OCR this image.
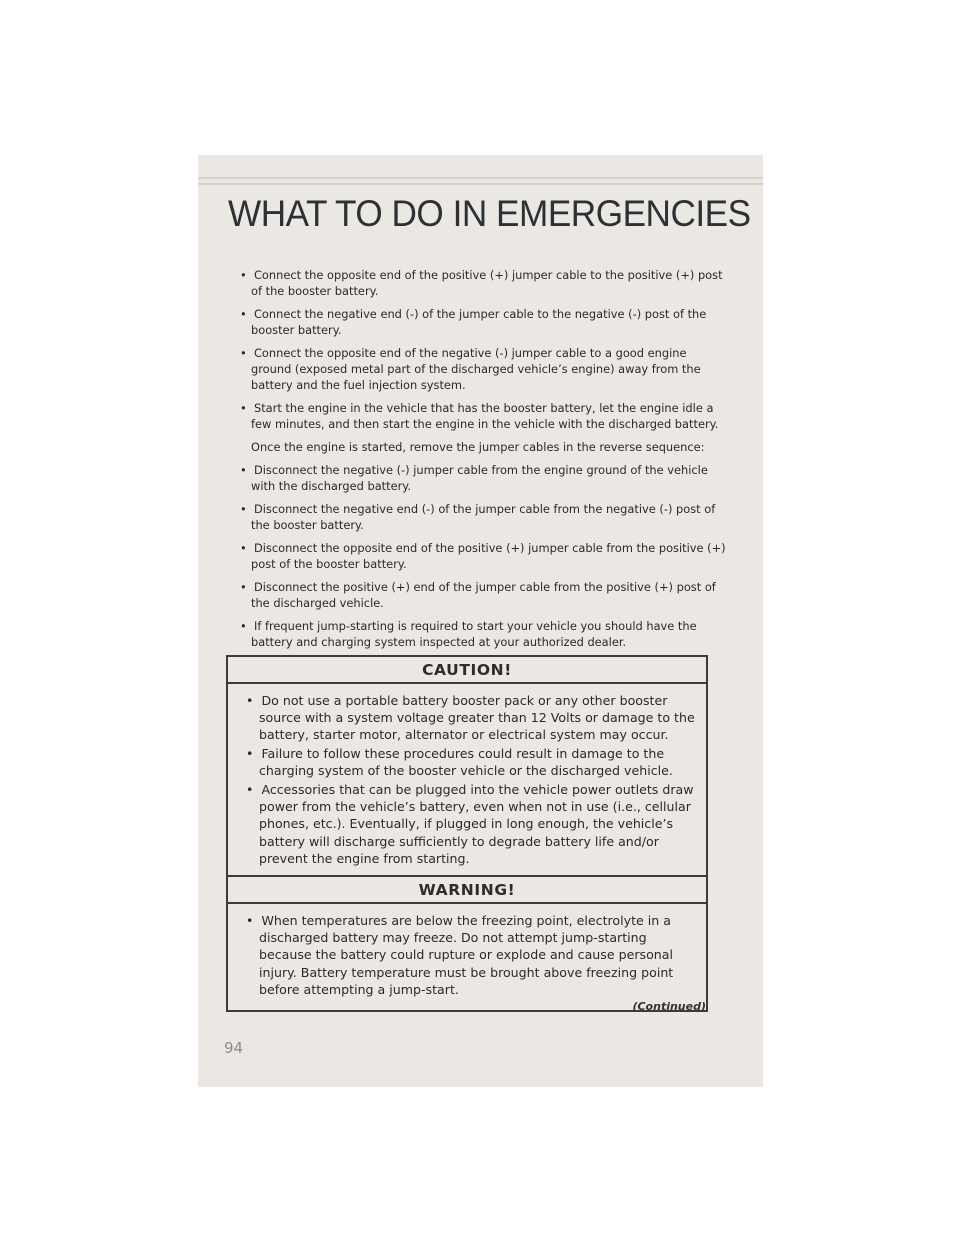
WHAT TO DO IN EMERGENCIES
•  Connect the opposite end of the positive (+) jumper cable to the positive (+) post of the booster battery.
•  Connect the negative end (-) of the jumper cable to the negative (-) post of the booster battery.
•  Connect the opposite end of the negative (-) jumper cable to a good engine ground (exposed metal part of the discharged vehicle’s engine) away from the battery and the fuel injection system.
•  Start the engine in the vehicle that has the booster battery, let the engine idle a few minutes, and then start the engine in the vehicle with the discharged battery.

Once the engine is started, remove the jumper cables in the reverse sequence:

•  Disconnect the negative (-) jumper cable from the engine ground of the vehicle with the discharged battery.
•  Disconnect the negative end (-) of the jumper cable from the negative (-) post of the booster battery.
•  Disconnect the opposite end of the positive (+) jumper cable from the positive (+) post of the booster battery.
•  Disconnect the positive (+) end of the jumper cable from the positive (+) post of the discharged vehicle.
•  If frequent jump-starting is required to start your vehicle you should have the battery and charging system inspected at your authorized dealer.
CAUTION!
•  Do not use a portable battery booster pack or any other booster source with a system voltage greater than 12 Volts or damage to the battery, starter motor, alternator or electrical system may occur.
•  Failure to follow these procedures could result in damage to the charging system of the booster vehicle or the discharged vehicle.
•  Accessories that can be plugged into the vehicle power outlets draw power from the vehicle’s battery, even when not in use (i.e., cellular phones, etc.). Eventually, if plugged in long enough, the vehicle’s battery will discharge sufficiently to degrade battery life and/or prevent the engine from starting.
WARNING!
•  When temperatures are below the freezing point, electrolyte in a discharged battery may freeze. Do not attempt jump-starting because the battery could rupture or explode and cause personal injury. Battery temperature must be brought above freezing point before attempting a jump-start.
(Continued)
94
